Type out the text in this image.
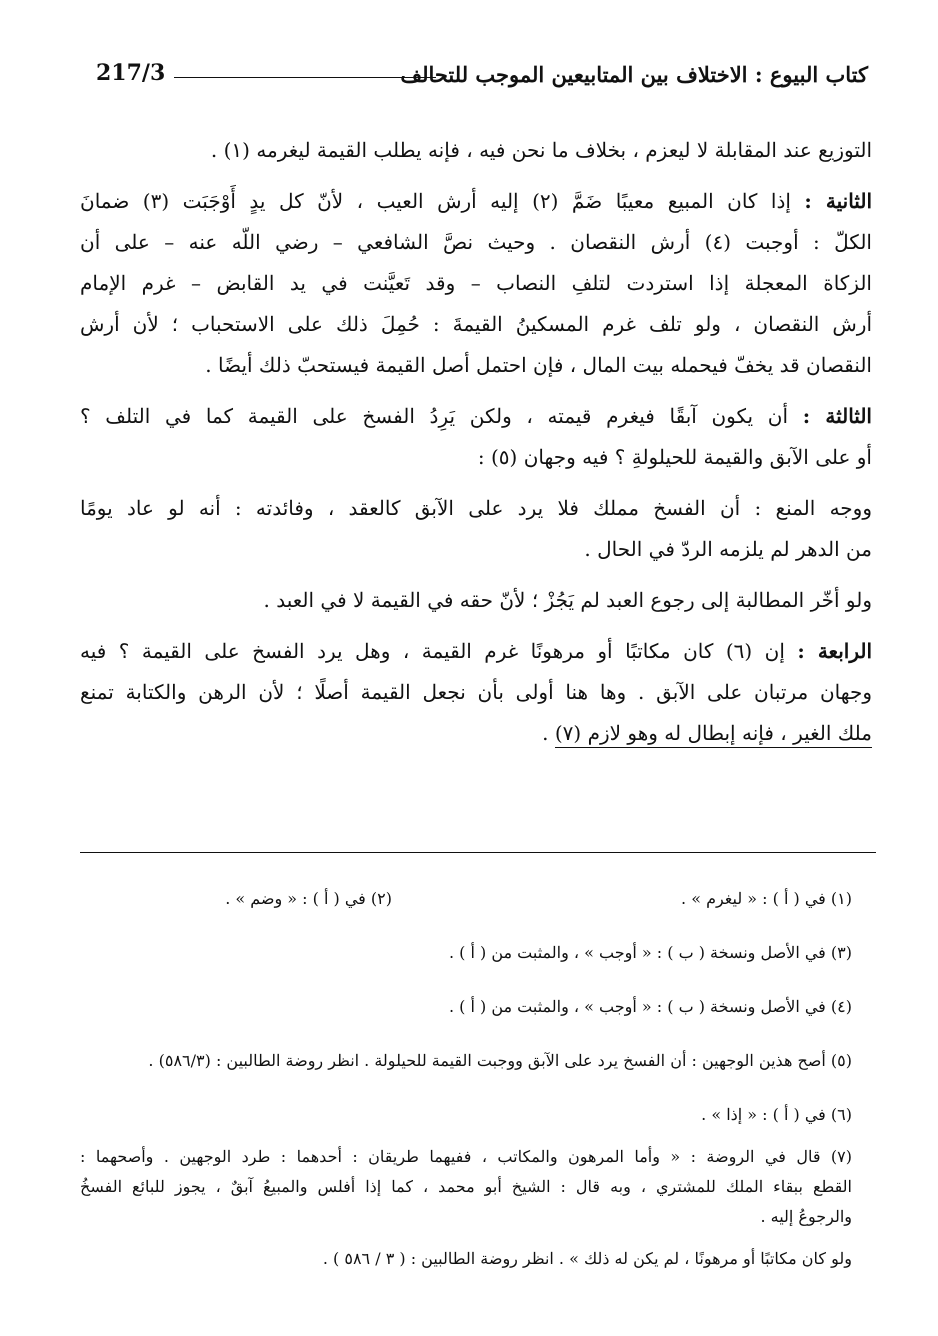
كتاب البيوع : الاختلاف بين المتابيعين الموجب للتحالف
217/3
التوزيع عند المقابلة لا ليعزم ، بخلاف ما نحن فيه ، فإنه يطلب القيمة ليغرمه (١) .
الثانية : إذا كان المبيع معيبًا ضَمَّ (٢) إليه أرش العيب ، لأنّ كل يدٍ أَوْجَبَت (٣) ضمانَ
الكلّ : أوجبت (٤) أرش النقصان . وحيث نصَّ الشافعي – رضي اللّه عنه – على أن
الزكاة المعجلة إذا استردت لتلفِ النصاب – وقد تَعيَّنت في يد القابض – غرم الإمام
أرش النقصان ، ولو تلف غرم المسكينُ القيمةَ : حُمِلَ ذلك على الاستحباب ؛ لأن أرش
النقصان قد يخفّ فيحمله بيت المال ، فإن احتمل أصل القيمة فيستحبّ ذلك أيضًا .
الثالثة : أن يكون آبقًا فيغرم قيمته ، ولكن يَرِدُ الفسخ على القيمة كما في التلف ؟
أو على الآبق والقيمة للحيلولةِ ؟ فيه وجهان (٥) :
ووجه المنع : أن الفسخ مملك فلا يرد على الآبق كالعقد ، وفائدته : أنه لو عاد يومًا
من الدهر لم يلزمه الردّ في الحال .
ولو أخّر المطالبة إلى رجوع العبد لم يَجُزْ ؛ لأنّ حقه في القيمة لا في العبد .
الرابعة : إن (٦) كان مكاتبًا أو مرهونًا غرم القيمة ، وهل يرد الفسخ على القيمة ؟ فيه
وجهان مرتبان على الآبق . وها هنا أولى بأن نجعل القيمة أصلًا ؛ لأن الرهن والكتابة تمنع
ملك الغير ، فإنه إبطال له وهو لازم (٧) .
(١) في ( أ ) : « ليغرم » .
(٢) في ( أ ) : « وضم » .
(٣) في الأصل ونسخة ( ب ) : « أوجب » ، والمثبت من ( أ ) .
(٤) في الأصل ونسخة ( ب ) : « أوجب » ، والمثبت من ( أ ) .
(٥) أصح هذين الوجهين : أن الفسخ يرد على الآبق ووجبت القيمة للحيلولة . انظر روضة الطالبين : (٥٨٦/٣) .
(٦) في ( أ ) : « إذا » .
(٧) قال في الروضة : « وأما المرهون والمكاتب ، ففيهما طريقان : أحدهما : طرد الوجهين . وأصحهما :
القطع ببقاء الملك للمشتري ، وبه قال : الشيخ أبو محمد ، كما إذا أفلس والمبيعُ آبقٌ ، يجوز للبائع الفسخُ
والرجوعُ إليه .
ولو كان مكاتبًا أو مرهونًا ، لم يكن له ذلك » . انظر روضة الطالبين : ( ٣ / ٥٨٦ ) .
